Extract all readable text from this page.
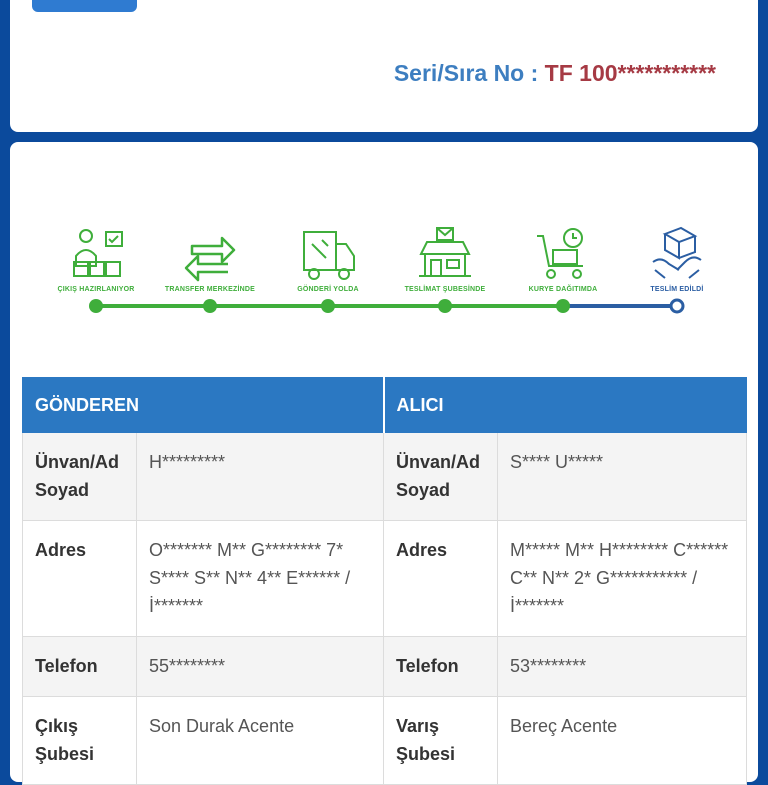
Seri/Sıra No : TF 100***********
ÇIKIŞ HAZIRLANIYOR	TRANSFER MERKEZİNDE	GÖNDERİ YOLDA	TESLİMAT ŞUBESİNDE	KURYE DAĞITIMDA	TESLİM EDİLDİ
GÖNDEREN		ALICI	
Ünvan/Ad Soyad	H*********	Ünvan/Ad Soyad	S**** U*****
Adres	O******* M** G******** 7* S**** S** N** 4** E****** / İ*******	Adres	M***** M** H******** C****** C** N** 2* G*********** / İ*******
Telefon	55********	Telefon	53********
Çıkış Şubesi	Son Durak Acente	Varış Şubesi	Bereç Acente
